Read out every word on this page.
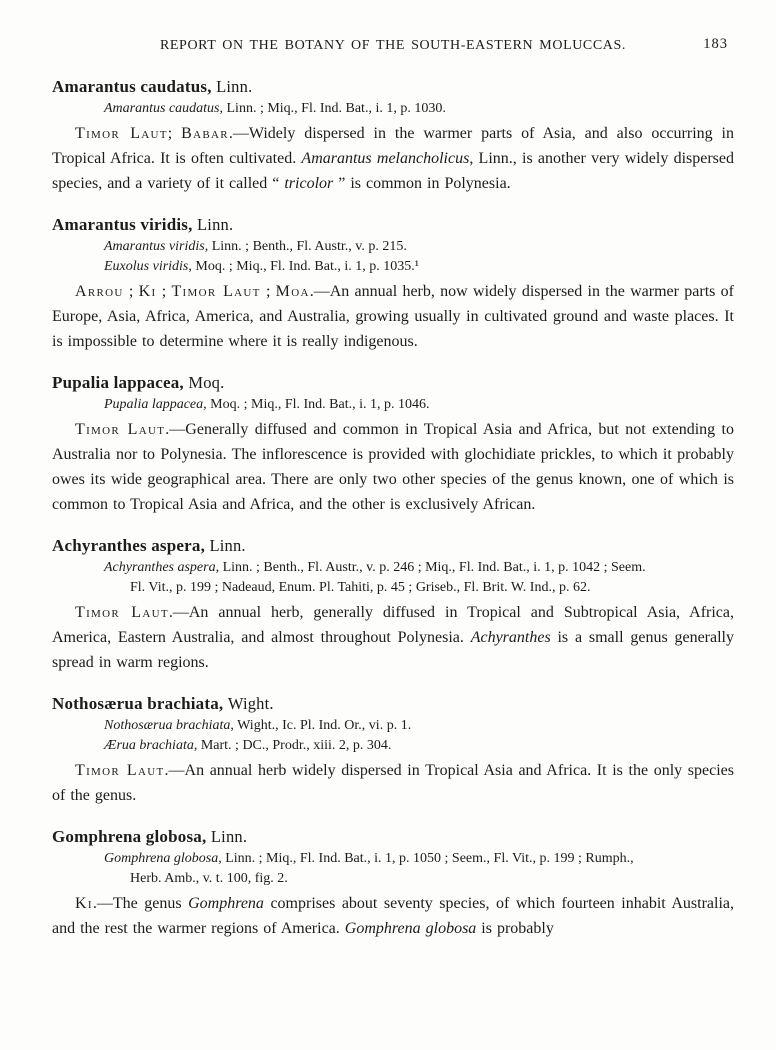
REPORT ON THE BOTANY OF THE SOUTH-EASTERN MOLUCCAS.	183
Amarantus caudatus, Linn.
Amarantus caudatus, Linn. ; Miq., Fl. Ind. Bat., i. 1, p. 1030.

Timor Laut; Babar.—Widely dispersed in the warmer parts of Asia, and also occurring in Tropical Africa. It is often cultivated. Amarantus melancholicus, Linn., is another very widely dispersed species, and a variety of it called “ tricolor ” is common in Polynesia.

Amarantus viridis, Linn.
Amarantus viridis, Linn. ; Benth., Fl. Austr., v. p. 215.
Euxolus viridis, Moq. ; Miq., Fl. Ind. Bat., i. 1, p. 1035.¹

Arrou ; Ki ; Timor Laut ; Moa.—An annual herb, now widely dispersed in the warmer parts of Europe, Asia, Africa, America, and Australia, growing usually in cultivated ground and waste places. It is impossible to determine where it is really indigenous.

Pupalia lappacea, Moq.
Pupalia lappacea, Moq. ; Miq., Fl. Ind. Bat., i. 1, p. 1046.

Timor Laut.—Generally diffused and common in Tropical Asia and Africa, but not extending to Australia nor to Polynesia. The inflorescence is provided with glochidiate prickles, to which it probably owes its wide geographical area. There are only two other species of the genus known, one of which is common to Tropical Asia and Africa, and the other is exclusively African.

Achyranthes aspera, Linn.
Achyranthes aspera, Linn. ; Benth., Fl. Austr., v. p. 246 ; Miq., Fl. Ind. Bat., i. 1, p. 1042 ; Seem.
Fl. Vit., p. 199 ; Nadeaud, Enum. Pl. Tahiti, p. 45 ; Griseb., Fl. Brit. W. Ind., p. 62.

Timor Laut.—An annual herb, generally diffused in Tropical and Subtropical Asia, Africa, America, Eastern Australia, and almost throughout Polynesia. Achyranthes is a small genus generally spread in warm regions.

Nothosærua brachiata, Wight.
Nothosærua brachiata, Wight., Ic. Pl. Ind. Or., vi. p. 1.
Ærua brachiata, Mart. ; DC., Prodr., xiii. 2, p. 304.

Timor Laut.—An annual herb widely dispersed in Tropical Asia and Africa. It is the only species of the genus.

Gomphrena globosa, Linn.
Gomphrena globosa, Linn. ; Miq., Fl. Ind. Bat., i. 1, p. 1050 ; Seem., Fl. Vit., p. 199 ; Rumph.,
Herb. Amb., v. t. 100, fig. 2.

Ki.—The genus Gomphrena comprises about seventy species, of which fourteen inhabit Australia, and the rest the warmer regions of America. Gomphrena globosa is probably
